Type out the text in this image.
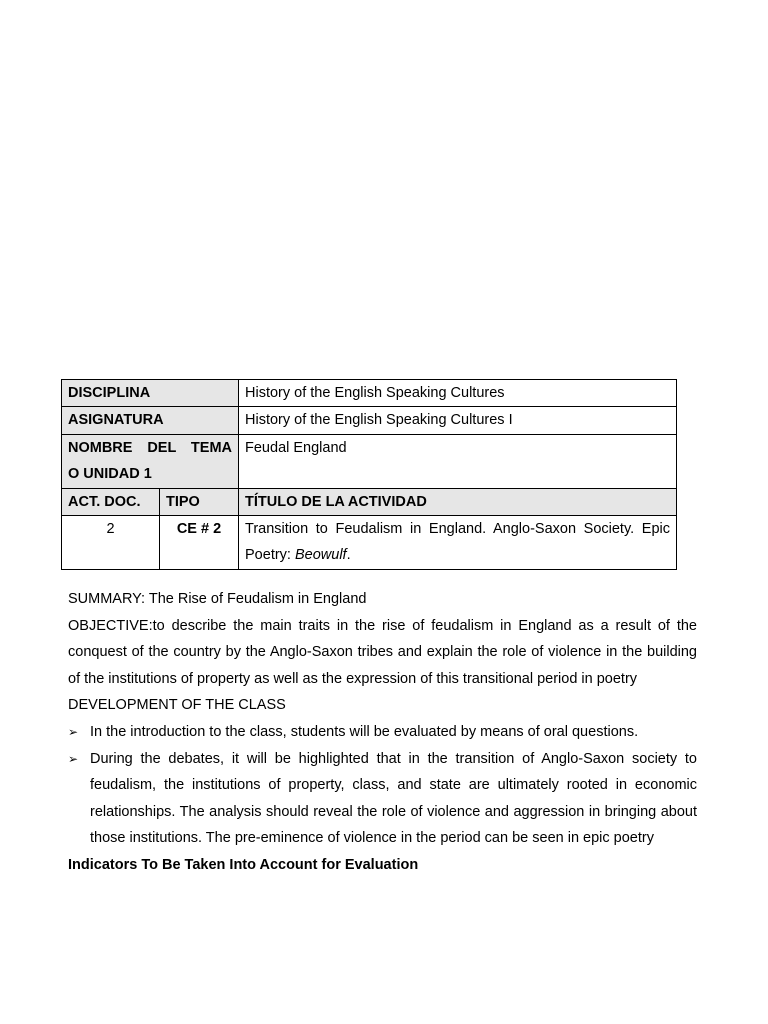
DISCIPLINA		History of the English Speaking Cultures
ASIGNATURA		History of the English Speaking Cultures I

NOMBRE DEL TEMA
O UNIDAD 1		Feudal England
ACT. DOC.	TIPO	TÍTULO DE LA ACTIVIDAD
2	CE # 2	Transition to Feudalism in England. Anglo-Saxon Society. Epic
Poetry: Beowulf.

SUMMARY: The Rise of Feudalism in England

OBJECTIVE:to describe the main traits in the rise of feudalism in England as a result of the conquest of the country by the Anglo-Saxon tribes and explain the role of violence in the building of the institutions of property as well as the expression of this transitional period in poetry

DEVELOPMENT OF THE CLASS

➢ In the introduction to the class, students will be evaluated by means of oral questions.
➢ During the debates, it will be highlighted that in the transition of Anglo-Saxon society to feudalism, the institutions of property, class, and state are ultimately rooted in economic relationships. The analysis should reveal the role of violence and aggression in bringing about those institutions. The pre-eminence of violence in the period can be seen in epic poetry

Indicators To Be Taken Into Account for Evaluation
